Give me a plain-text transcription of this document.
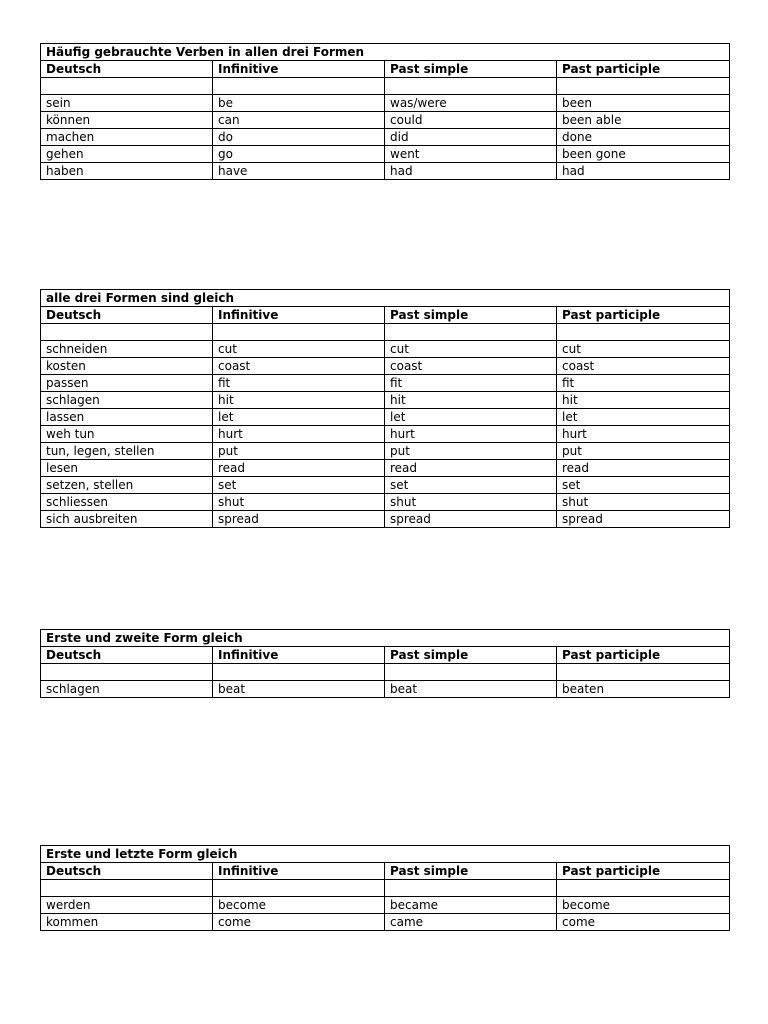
Häufig gebrauchte Verben in allen drei Formen			
Deutsch	Infinitive	Past simple	Past participle

sein	be	was/were	been
können	can	could	been able
machen	do	did	done
gehen	go	went	been gone
haben	have	had	had
alle drei Formen sind gleich			
Deutsch	Infinitive	Past simple	Past participle

schneiden	cut	cut	cut
kosten	coast	coast	coast
passen	fit	fit	fit
schlagen	hit	hit	hit
lassen	let	let	let
weh tun	hurt	hurt	hurt
tun, legen, stellen	put	put	put
lesen	read	read	read
setzen, stellen	set	set	set
schliessen	shut	shut	shut
sich ausbreiten	spread	spread	spread
Erste und zweite Form gleich			
Deutsch	Infinitive	Past simple	Past participle

schlagen	beat	beat	beaten
Erste und letzte Form gleich			
Deutsch	Infinitive	Past simple	Past participle

werden	become	became	become
kommen	come	came	come
